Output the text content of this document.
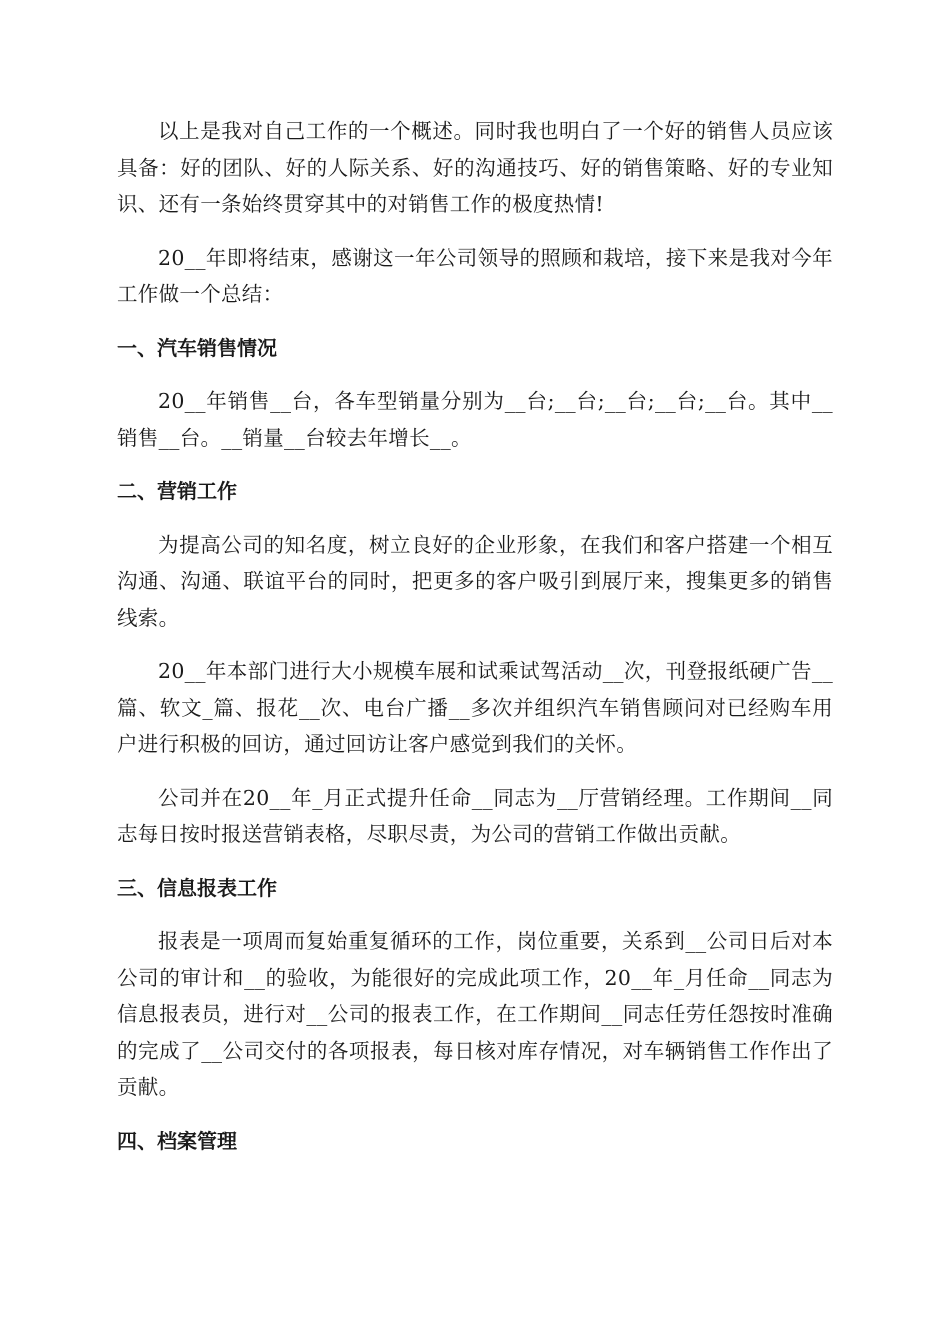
以上是我对自己工作的一个概述。同时我也明白了一个好的销售人员应该具备：好的团队、好的人际关系、好的沟通技巧、好的销售策略、好的专业知识、还有一条始终贯穿其中的对销售工作的极度热情!

20__年即将结束，感谢这一年公司领导的照顾和栽培，接下来是我对今年工作做一个总结：

一、汽车销售情况

20__年销售__台，各车型销量分别为__台;__台;__台;__台;__台。其中__销售__台。__销量__台较去年增长__。

二、营销工作

为提高公司的知名度，树立良好的企业形象，在我们和客户搭建一个相互沟通、沟通、联谊平台的同时，把更多的客户吸引到展厅来，搜集更多的销售线索。

20__年本部门进行大小规模车展和试乘试驾活动__次，刊登报纸硬广告__篇、软文_篇、报花__次、电台广播__多次并组织汽车销售顾问对已经购车用户进行积极的回访，通过回访让客户感觉到我们的关怀。

公司并在20__年_月正式提升任命__同志为__厅营销经理。工作期间__同志每日按时报送营销表格，尽职尽责，为公司的营销工作做出贡献。

三、信息报表工作

报表是一项周而复始重复循环的工作，岗位重要，关系到__公司日后对本公司的审计和__的验收，为能很好的完成此项工作，20__年_月任命__同志为信息报表员，进行对__公司的报表工作，在工作期间__同志任劳任怨按时准确的完成了__公司交付的各项报表，每日核对库存情况，对车辆销售工作作出了贡献。

四、档案管理
